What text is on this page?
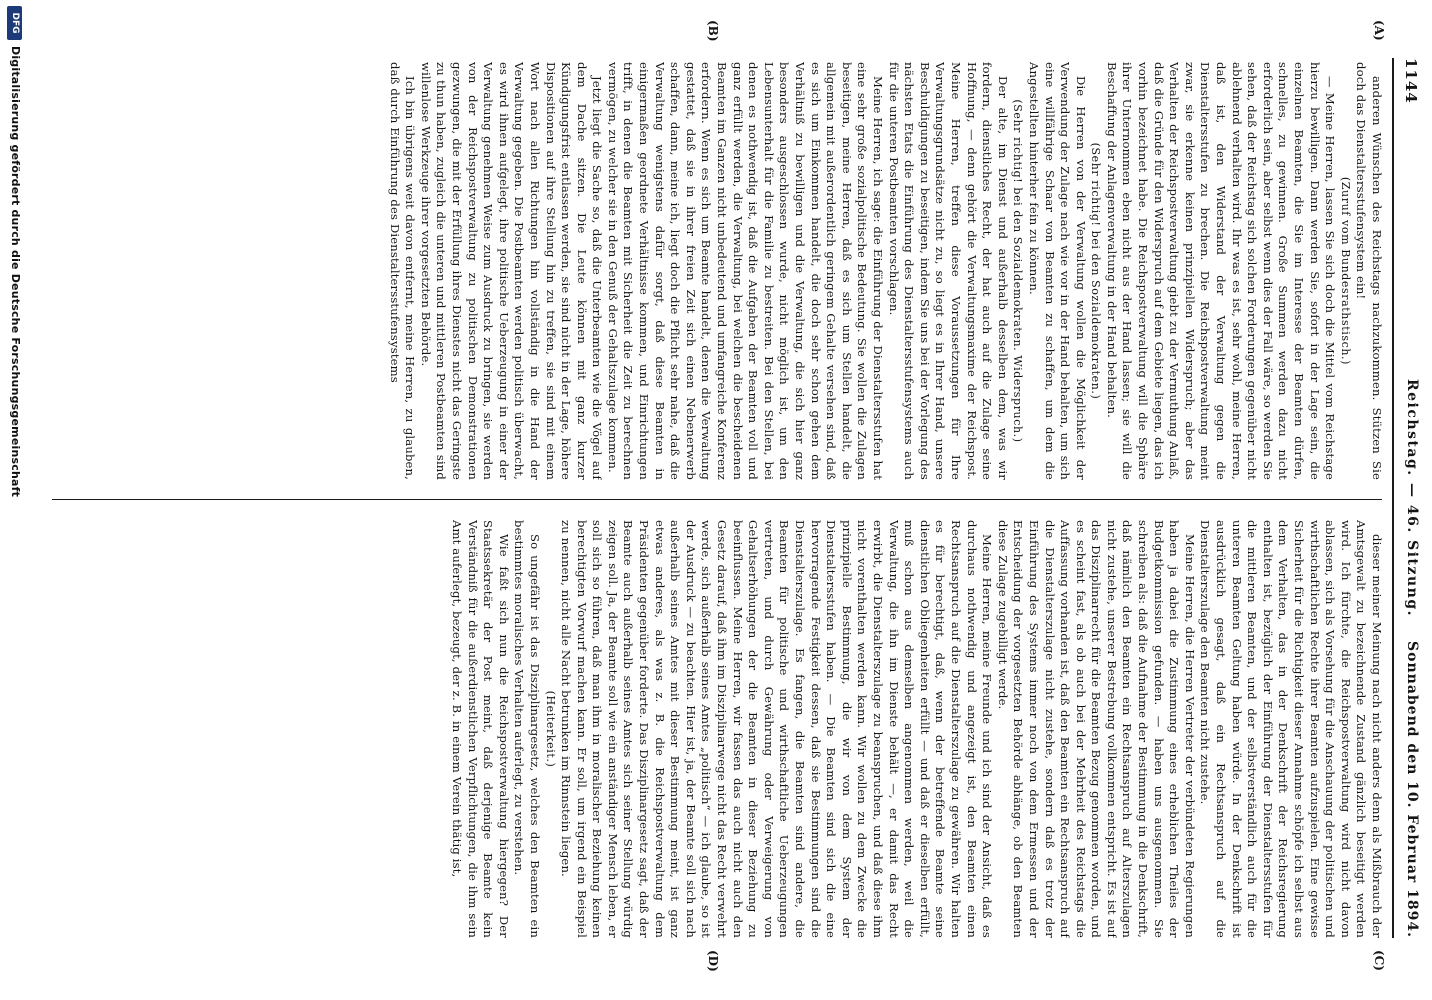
1144
Reichstag. — 46. Sitzung.
Sonnabend den 10. Februar 1894.
(A)
(B)
(C)
(D)

anderen Wünschen des Reichstags nachzukommen. Stützen Sie doch das Dienstaltersstufensystem ein!

(Zuruf vom Bundesrathstisch.)

— Meine Herren, lassen Sie sich doch die Mittel vom Reichstage hierzu bewilligen. Dann werden Sie, sofort in der Lage sein, die einzelnen Beamten, die Sie im Interesse der Beamten dürfen, schnelles, zu gewinnen. Große Summen werden dazu nicht erforderlich sein, aber selbst wenn dies der Fall wäre, so werden Sie sehen, daß der Reichstag sich solchen Forderungen gegenüber nicht ablehnend verhalten wird. Ihr was es ist, sehr wohl, meine Herren, daß ist, den Widerstand der Verwaltung gegen die Dienstaltersstufen zu brechen. Die Reichspostverwaltung meint zwar, sie erkenne keinen prinzipiellen Widerspruch; aber das Verhalten der Reichspostverwaltung giebt zu der Vermuthung Anlaß, daß die Gründe für den Widerspruch auf dem Gebiete liegen, das ich vorhin bezeichnet habe. Die Reichspostverwaltung will die Sphäre ihrer Unternommen eben nicht aus der Hand lassen; sie will die Beschaffung der Anlagenverwaltung in der Hand behalten.

(Sehr richtig! bei den Sozialdemokraten.)

Die Herren von der Verwaltung wollen die Möglichkeit der Verwendung der Zulage nach wie vor in der Hand behalten, um sich eine willfährige Schaar von Beamten zu schaffen, um dem die Angestellten hinterher fein zu können.

(Sehr richtig! bei den Sozialdemokraten. Widerspruch.)

Der alte, im Dienst und außerhalb desselben dem, was wir fordern, dienstliches Recht, der hat auch auf die Zulage seine Hoffnung, — denn gehört die Verwaltungsmaxime der Reichspost. Meine Herren, treffen diese Voraussetzungen für Ihre Verwaltungsgrundsätze nicht zu, so liegt es in Ihrer Hand, unsere Beschuldigungen zu beseitigen, indem Sie uns bei der Vorlegung des nächsten Etats die Einführung des Dienstaltersstufensystems auch für die unteren Postbeamten vorschlagen.

Meine Herren, ich sage: die Einführung der Dienstaltersstufen hat eine sehr große sozialpolitische Bedeutung. Sie wollen die Zulagen beseitigen, meine Herren, daß es sich um Stellen handelt, die allgemein mit außerordentlich geringem Gehalte versehen sind, daß es sich um Einkommen handelt, die doch sehr schon gehen dem Verhältniß zu bewilligen und die Verwaltung, die sich hier ganz besonders ausgeschlossen wurde, nicht möglich ist, um den Lebensunterhalt für die Familie zu bestreiten. Bei den Stellen, bei denen es nothwendig ist, daß die Aufgaben der Beamten voll und ganz erfüllt werden, die Verwaltung, bei welchen die bescheidenen Beamten im Ganzen nicht unbedeutend und umfangreiche Konferenz erfordern. Wenn es sich um Beamte handelt, denen die Verwaltung gestattet, daß sie in ihrer freien Zeit sich einen Nebenerwerb schaffen, dann, meine ich, liegt doch die Pflicht sehr nahe, daß die Verwaltung wenigstens dafür sorgt, daß diese Beamten in einigermaßen geordnete Verhältnisse kommen, und Einrichtungen trifft, in denen die Beamten mit Sicherheit die Zeit zu berechnen vermögen, zu welcher sie in den Genuß der Gehaltszulage kommen.

Jetzt liegt die Sache so, daß die Unterbeamten wie die Vögel auf dem Dache sitzen. Die Leute können mit ganz kurzer Kündigungsfrist entlassen werden, sie sind nicht in der Lage, höhere Dispositionen auf ihre Stellung hin zu treffen, sie sind mit einem Wort nach allen Richtungen hin vollständig in die Hand der Verwaltung gegeben. Die Postbeamten werden politisch überwacht, es wird ihnen aufgelegt, ihre politische Ueberzeugung in einer der Verwaltung genehmen Weise zum Ausdruck zu bringen, sie werden von der Reichspostverwaltung zu politischen Demonstrationen gezwungen, die mit der Erfüllung ihres Dienstes nicht das Geringste zu thun haben, zugleich die unteren und mittleren Postbeamten sind willenlose Werkzeuge ihrer vorgesetzten Behörde.

Ich bin übrigens weit davon entfernt, meine Herren, zu glauben, daß durch Einführung des Dienstaltersstufensystems

dieser meiner Meinung nach nicht anders denn als Mißbrauch der Amtsgewalt zu bezeichnende Zustand gänzlich beseitigt werden wird. Ich fürchte, die Reichspostverwaltung wird nicht davon ablassen, sich als Vorsehung für die Anschauung der politischen und wirthschaftlichen Rechte ihrer Beamten aufzuspielen. Eine gewisse Sicherheit für die Richtigkeit dieser Annahme schöpfe ich selbst aus dem Verhalten, das in der Denkschrift der Reichsregierung enthalten ist, bezüglich der Einführung der Dienstaltersstufen für die mittleren Beamten, und der selbstverständlich auch für die unteren Beamten Geltung haben würde. In der Denkschrift ist ausdrücklich gesagt, daß ein Rechtsanspruch auf die Dienstalterszulage den Beamten nicht zustehe.

Meine Herren, die Herren Vertreter der verbündeten Regierungen haben ja dabei die Zustimmung eines erheblichen Theiles der Budgetkommission gefunden. — haben uns ausgenommen. Sie schreiben als: daß die Aufnahme der Bestimmung in die Denkschrift, daß nämlich den Beamten ein Rechtsanspruch auf Alterszulagen nicht zustehe, unserer Bestrebung vollkommen entspricht. Es ist auf das Disziplinarrecht für die Beamten Bezug genommen worden, und es scheint fast, als ob auch bei der Mehrheit des Reichstags die Auffassung vorhanden ist, daß den Beamten ein Rechtsanspruch auf die Dienstalterszulage nicht zustehe, sondern daß es trotz der Einführung des Systems immer noch von dem Ermessen und der Entscheidung der vorgesetzten Behörde abhänge, ob den Beamten diese Zulage zugebilligt werde.

Meine Herren, meine Freunde und ich sind der Ansicht, daß es durchaus nothwendig und angezeigt ist, den Beamten einen Rechtsanspruch auf die Dienstalterszulage zu gewähren. Wir halten es für berechtigt, daß, wenn der betreffende Beamte seine dienstlichen Obliegenheiten erfüllt — und daß er dieselben erfüllt, muß schon aus demselben angenommen werden, weil die Verwaltung, die ihn im Dienste behält —, er damit das Recht erwirbt, die Dienstalterszulage zu beanspruchen, und daß diese ihm nicht vorenthalten werden kann. Wir wollen zu dem Zwecke die prinzipielle Bestimmung, die wir von dem System der Dienstaltersstufen haben. — Die Beamten sind sich die eine hervorragende Festigkeit dessen, daß sie Bestimmungen sind die Dienstalterszulage. Es fangen, die Beamten sind andere, die Beamten für politische und wirthschaftliche Ueberzeugungen vertreten, und durch Gewährung oder Verweigerung von Gehaltserhöhungen der die Beamten in dieser Beziehung zu beeinflussen. Meine Herren, wir fassen das auch nicht auch den Gesetz darauf, daß ihm im Disziplinarwege nicht das Recht verwehrt werde, sich außerhalb seines Amtes „politisch“ — ich glaube, so ist der Ausdruck — zu beachten. Hier ist, ja, der Beamte soll sich nach außerhalb seines Amtes mit dieser Bestimmung meint, ist ganz etwas anderes, als was z. B. die Reichspostverwaltung dem Präsidenten gegenüber forderte. Das Disziplinargesetz sagt, daß der Beamte auch außerhalb seines Amtes sich seiner Stellung würdig zeigen soll. Ja, der Beamte soll wie ein anständiger Mensch leben, er soll sich so führen, daß man ihm in moralischer Beziehung keinen berechtigten Vorwurf machen kann. Er soll, um irgend ein Beispiel zu nennen, nicht alle Nacht betrunken im Rinnstein liegen.

(Heiterkeit.)

So ungefähr ist das Disziplinargesetz, welches den Beamten ein bestimmtes moralisches Verhalten auferlegt, zu verstehen.

Wie faßt sich nun die Reichspostverwaltung hiergegen? Der Staatssekretär der Post meint, daß derjenige Beamte kein Verständniß für die außerdienstlichen Verpflichtungen, die ihm sein Amt auferlegt, bezeugt, der z. B. in einem Verein thätig ist,

DFG
Digitalisierung gefördert durch die Deutsche Forschungsgemeinschaft
